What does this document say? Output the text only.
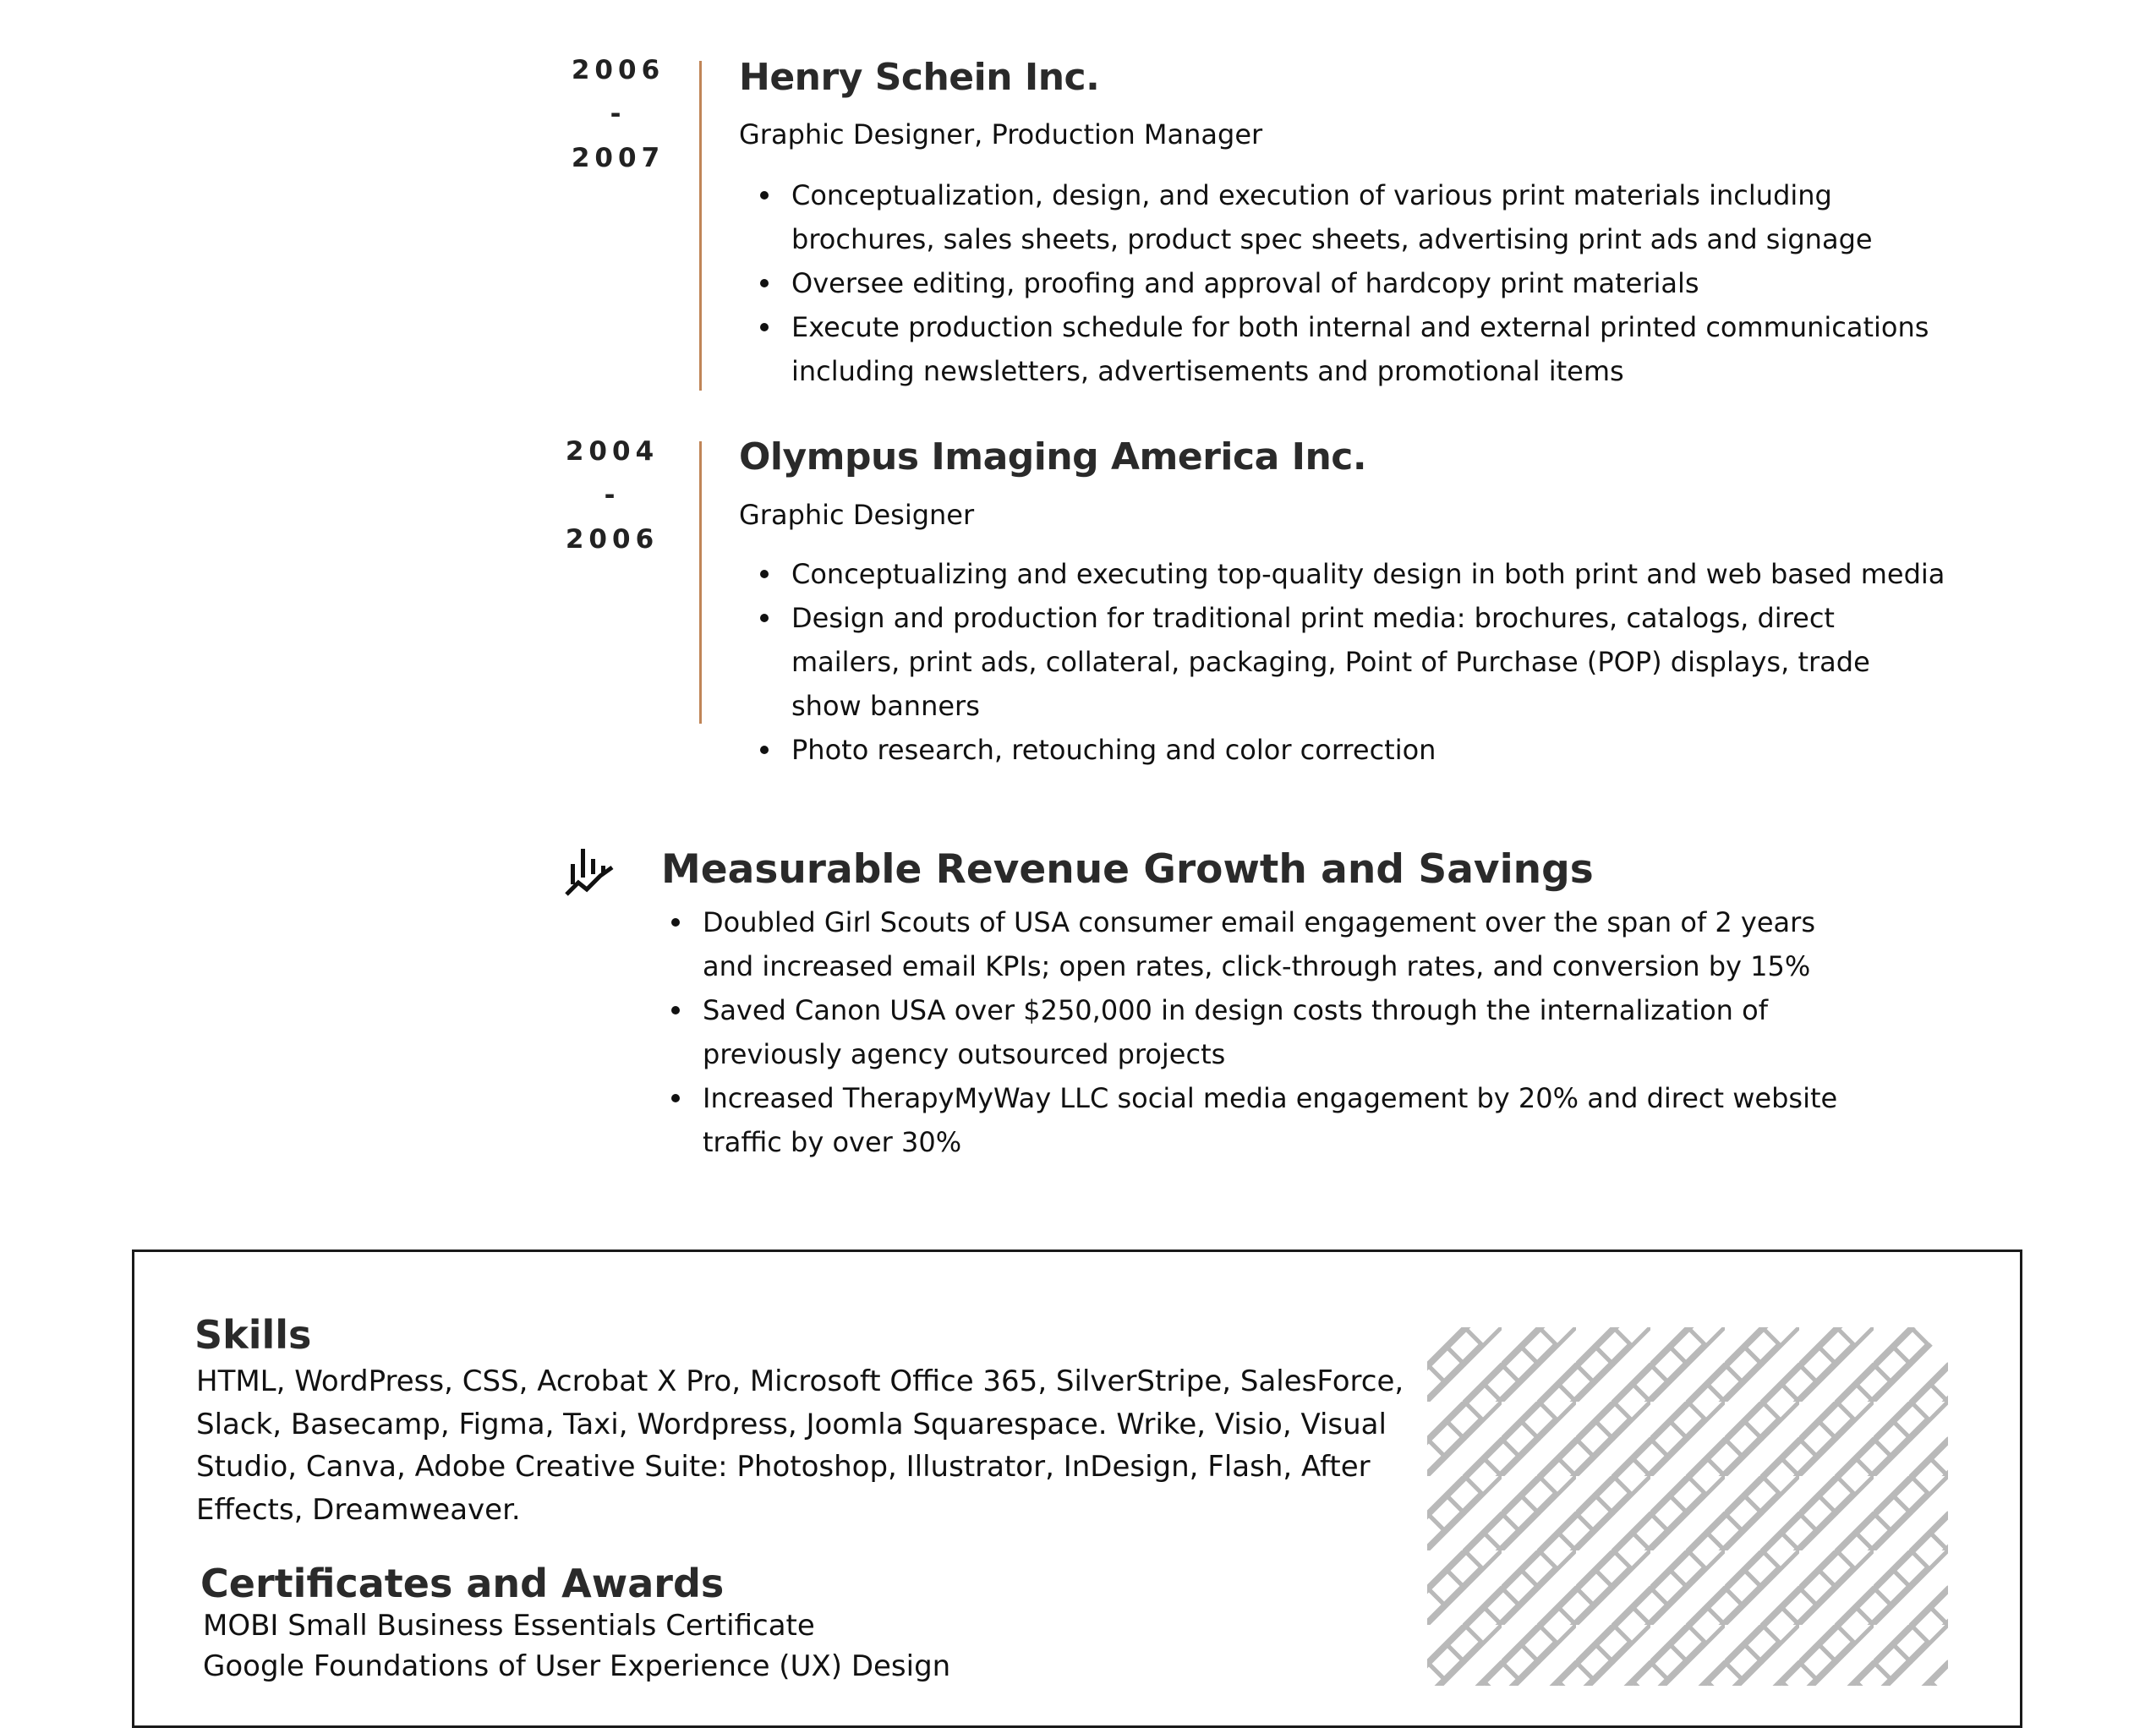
2006
-
2007
Henry Schein Inc.

Graphic Designer, Production Manager

Conceptualization, design, and execution of various print materials including brochures, sales sheets, product spec sheets, advertising print ads and signage
Oversee editing, proofing and approval of hardcopy print materials
Execute production schedule for both internal and external printed communications including newsletters, advertisements and promotional items
2004
-
2006
Olympus Imaging America Inc.

Graphic Designer

Conceptualizing and executing top-quality design in both print and web based media
Design and production for traditional print media: brochures, catalogs, direct mailers, print ads, collateral, packaging, Point of Purchase (POP) displays, trade show banners
Photo research, retouching and color correction
Measurable Revenue Growth and Savings
Doubled Girl Scouts of USA consumer email engagement over the span of 2 years and increased email KPIs; open rates, click-through rates, and conversion by 15%
Saved Canon USA over $250,000 in design costs through the internalization of previously agency outsourced projects
Increased TherapyMyWay LLC social media engagement by 20% and direct website traffic by over 30%
Skills

HTML, WordPress, CSS, Acrobat X Pro, Microsoft Office 365, SilverStripe, SalesForce, Slack, Basecamp, Figma, Taxi, Wordpress, Joomla Squarespace. Wrike, Visio, Visual Studio, Canva, Adobe Creative Suite: Photoshop, Illustrator, InDesign, Flash, After Effects, Dreamweaver.

Certificates and Awards
MOBI Small Business Essentials Certificate
Google Foundations of User Experience (UX) Design
